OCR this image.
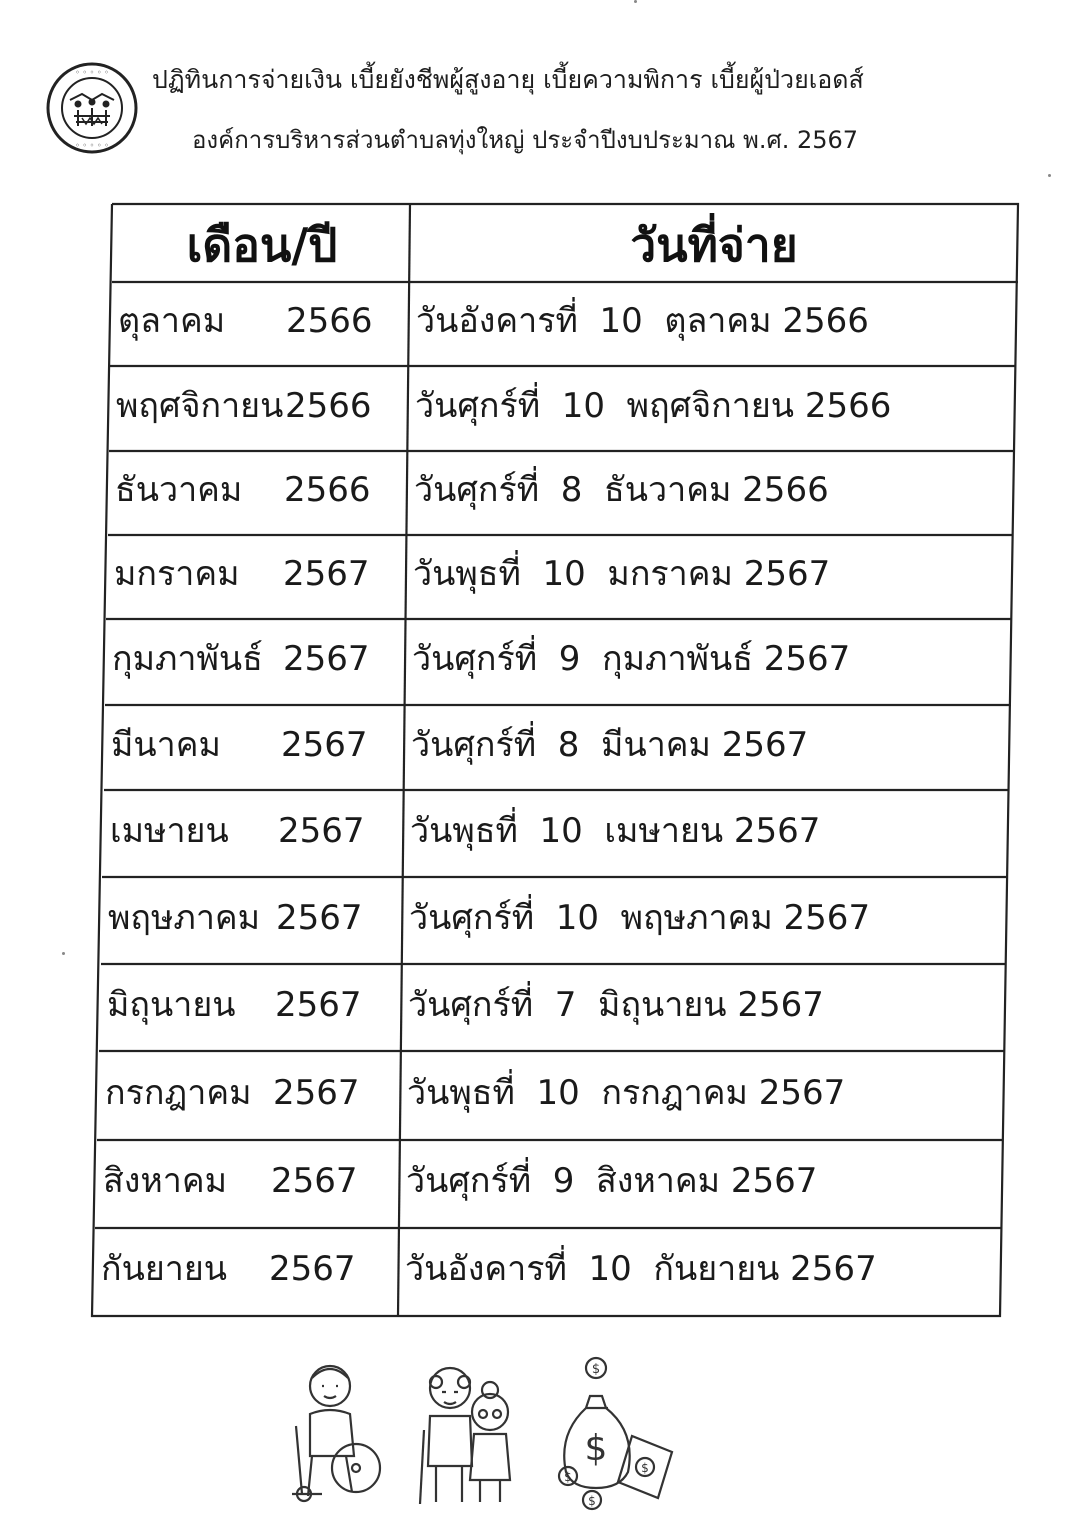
◦ ◦ ◦ ◦ ◦
◦ ◦ ◦ ◦ ◦
ปฏิทินการจ่ายเงิน เบี้ยยังชีพผู้สูงอายุ เบี้ยความพิการ เบี้ยผู้ป่วยเอดส์
องค์การบริหารส่วนตำบลทุ่งใหญ่ ประจำปีงบประมาณ พ.ศ. 2567
เดือน/ปี	วันที่จ่าย
ตุลาคม 2566 วันอังคารที่  10  ตุลาคม 2566
พฤศจิกายน 2566 วันศุกร์ที่  10  พฤศจิกายน 2566
ธันวาคม 2566 วันศุกร์ที่  8  ธันวาคม 2566
มกราคม 2567 วันพุธที่  10  มกราคม 2567
กุมภาพันธ์ 2567 วันศุกร์ที่  9  กุมภาพันธ์ 2567
มีนาคม 2567 วันศุกร์ที่  8  มีนาคม 2567
เมษายน 2567 วันพุธที่  10  เมษายน 2567
พฤษภาคม 2567 วันศุกร์ที่  10  พฤษภาคม 2567
มิถุนายน 2567 วันศุกร์ที่  7  มิถุนายน 2567
กรกฎาคม 2567 วันพุธที่  10  กรกฎาคม 2567
สิงหาคม 2567 วันศุกร์ที่  9  สิงหาคม 2567
กันยายน 2567 วันอังคารที่  10  กันยายน 2567
$
$
$
$
$
